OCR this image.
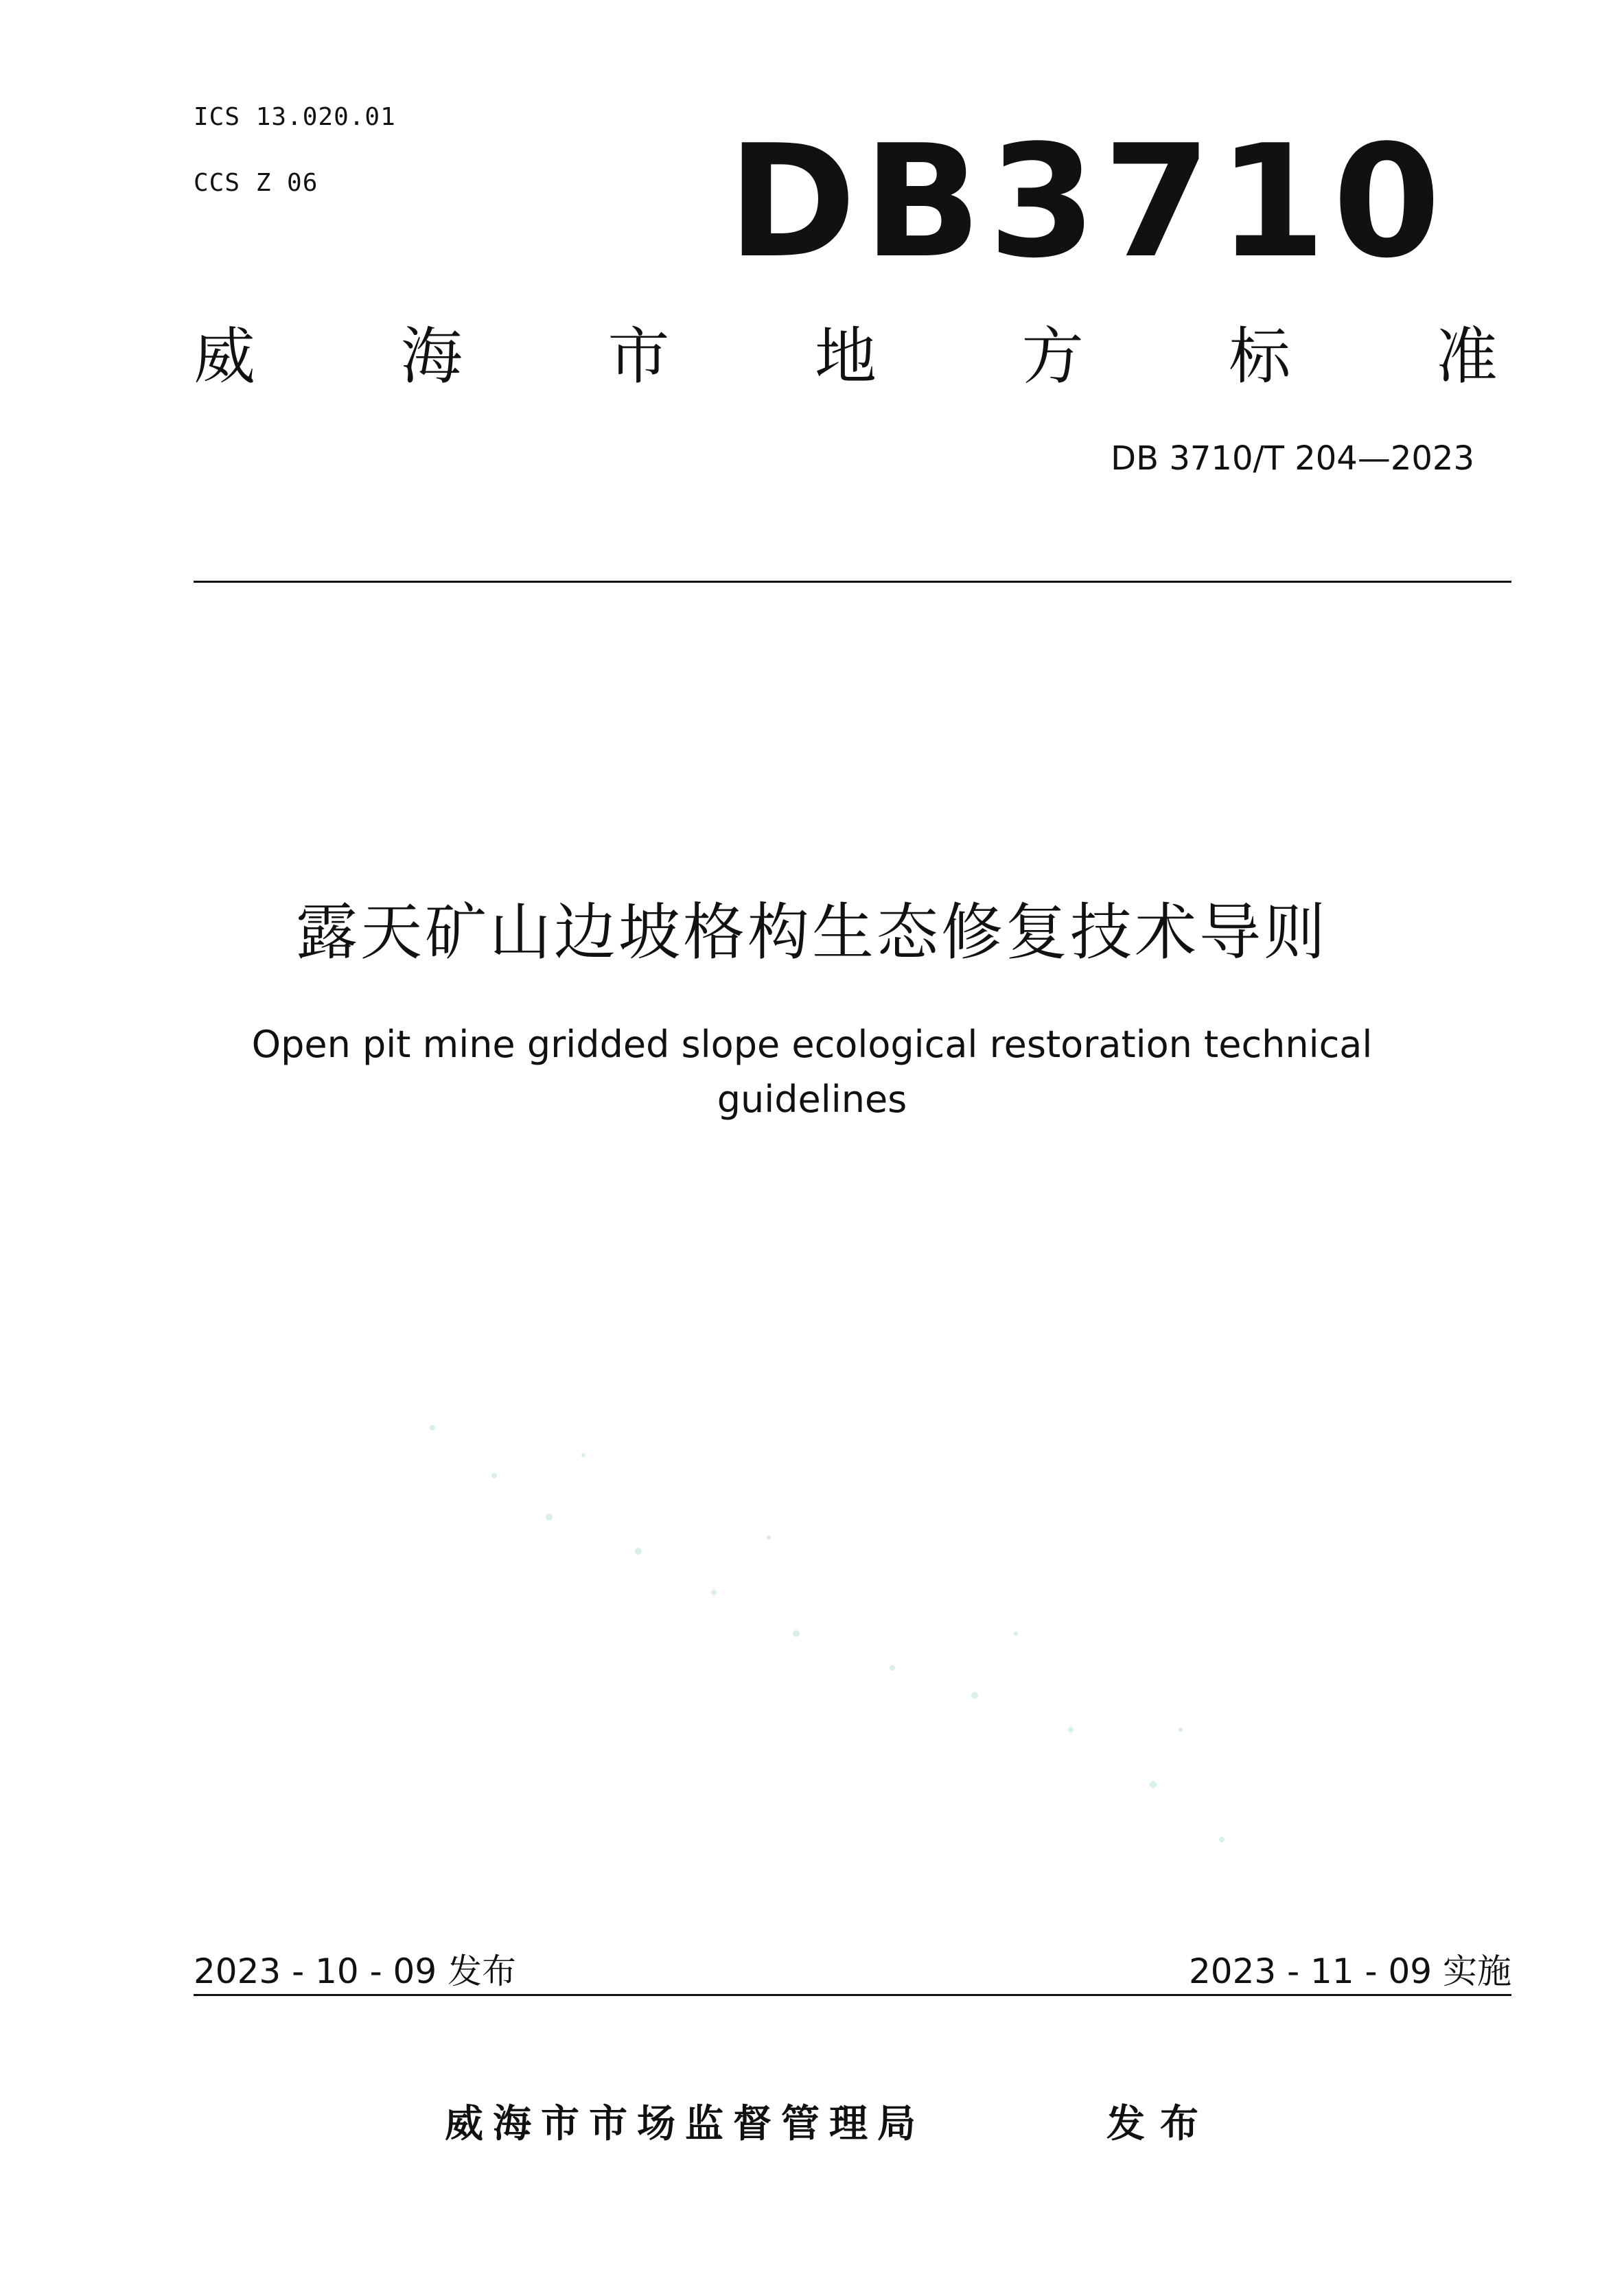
ICS 13.020.01
CCS Z 06	DB3710
威 海 市 地 方 标 准
DB 3710/T 204—2023
露天矿山边坡格构生态修复技术导则
Open pit mine gridded slope ecological restoration technical guidelines
2023 - 10 - 09 发布	2023 - 11 - 09 实施
威海市市场监督管理局	发布
